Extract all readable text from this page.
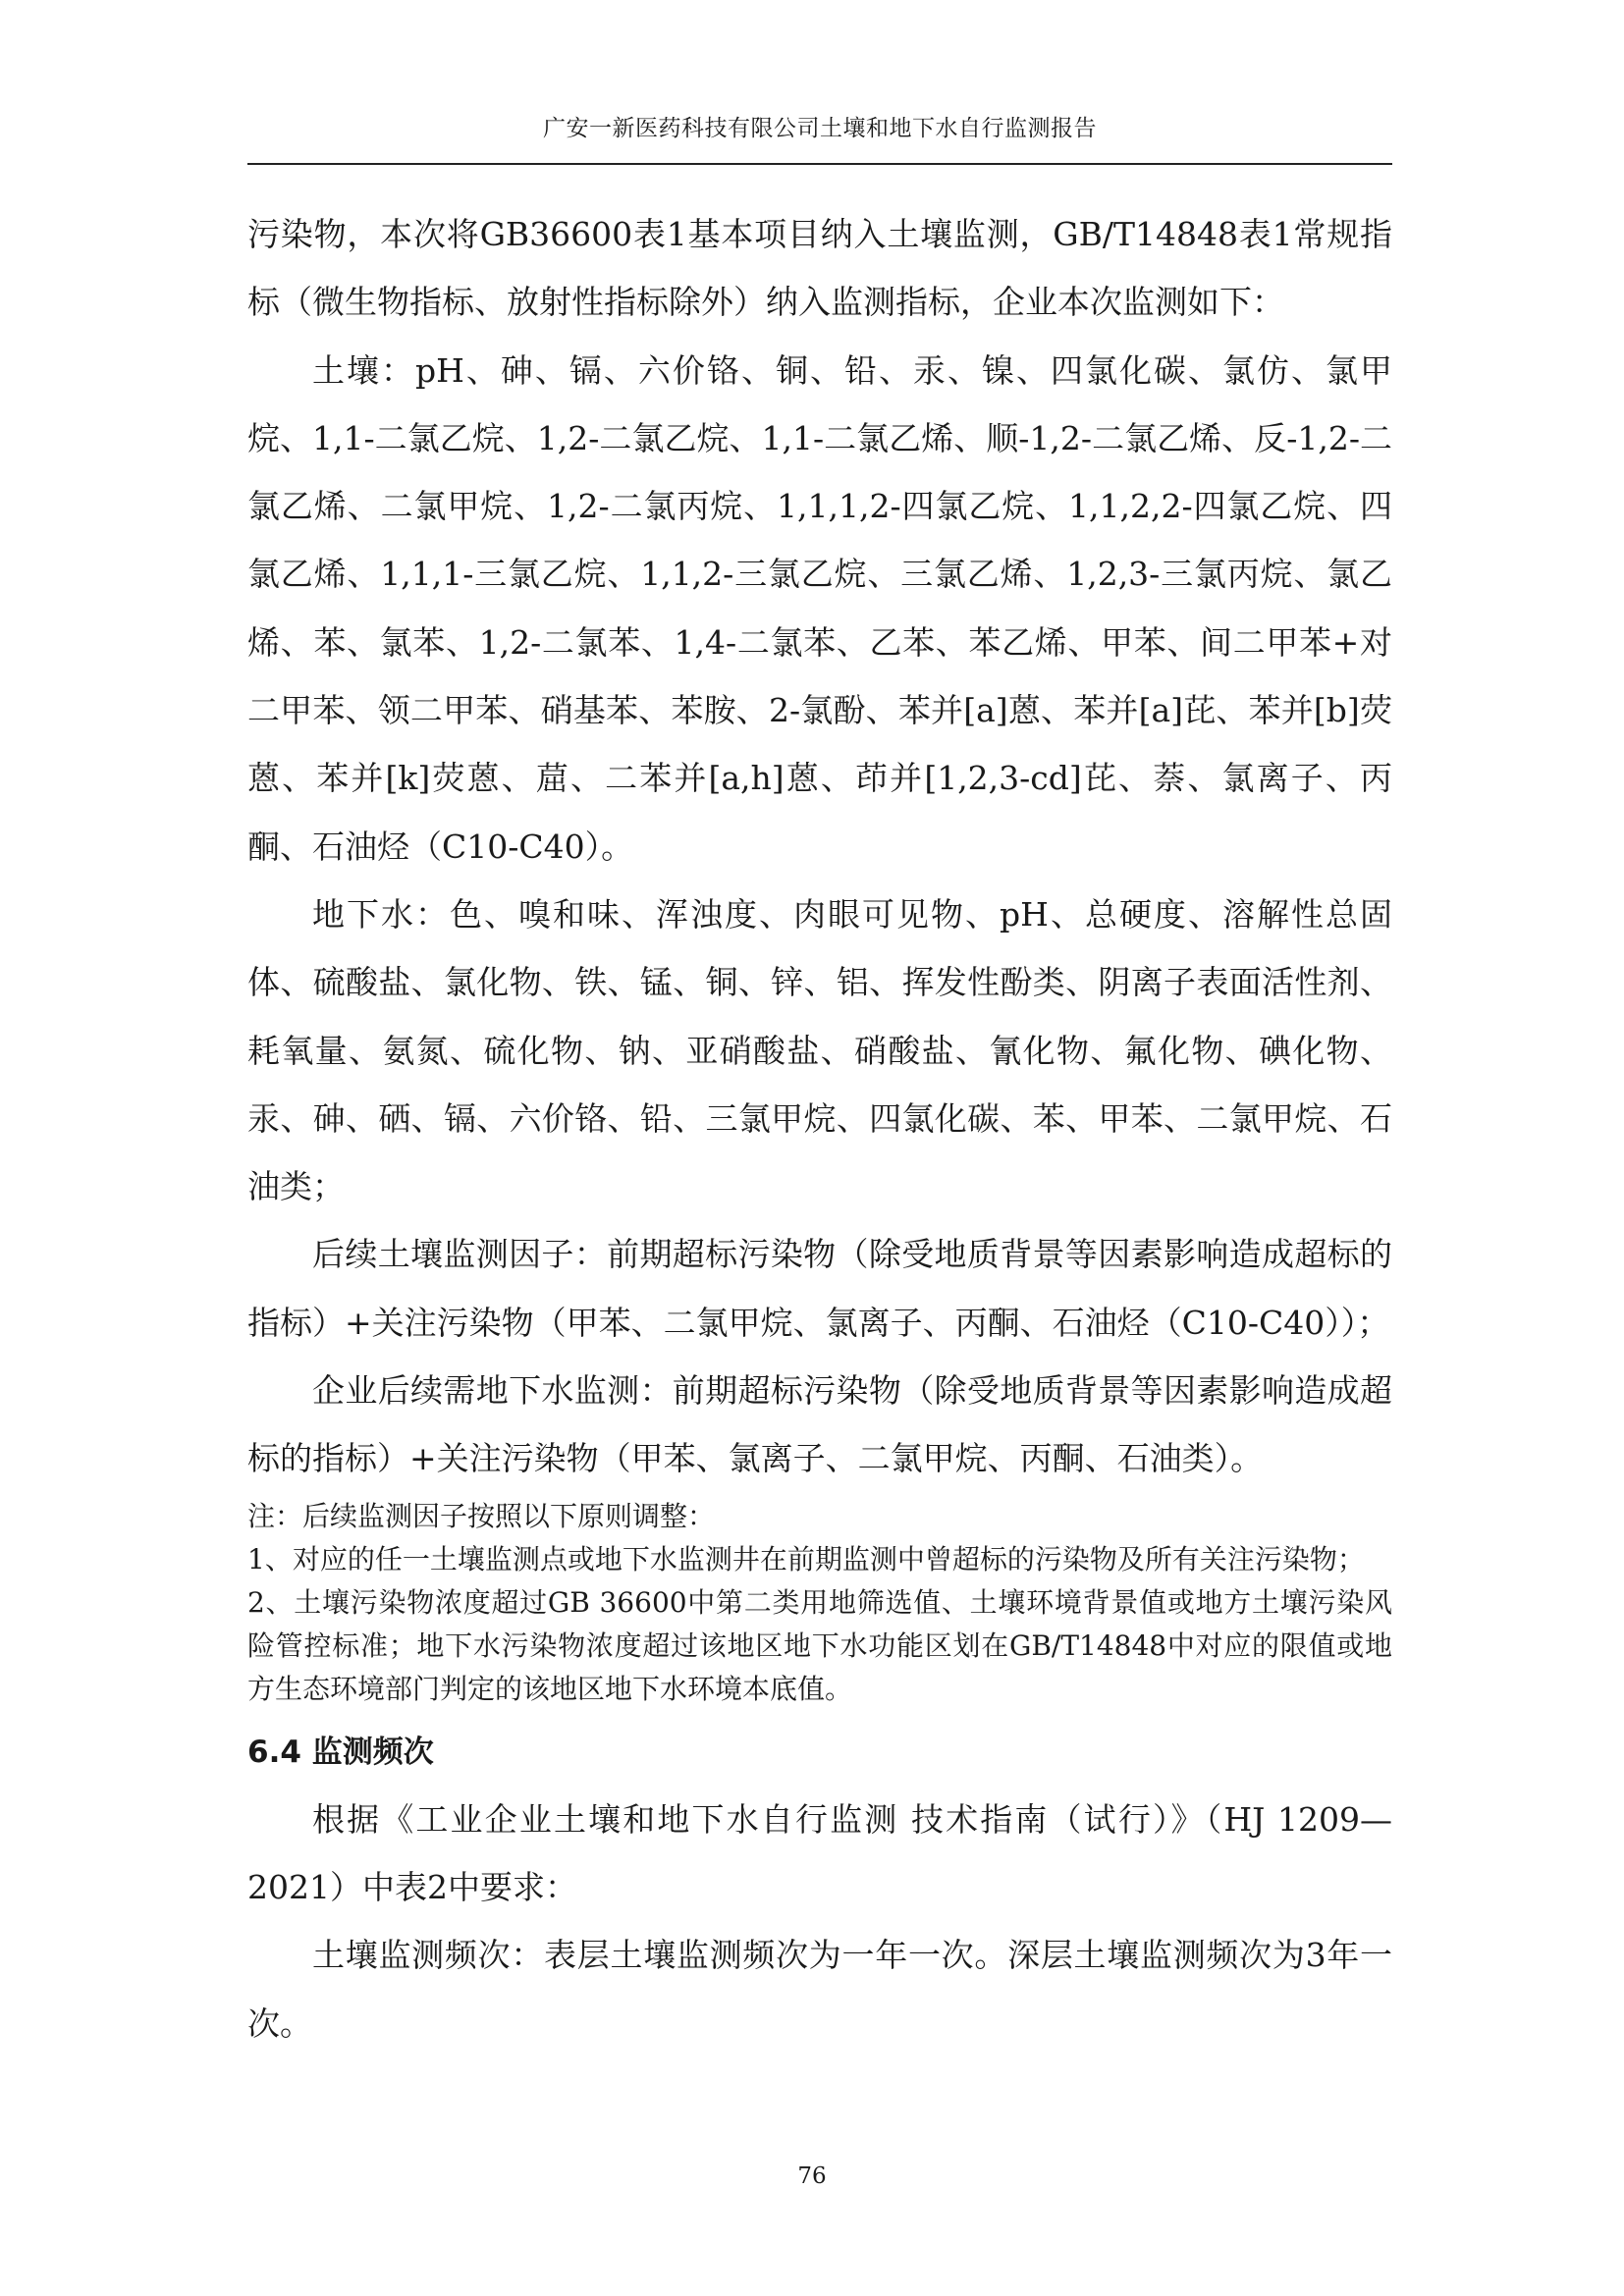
广安一新医药科技有限公司土壤和地下水自行监测报告

污染物，本次将GB36600表1基本项目纳入土壤监测，GB/T14848表1常规指标（微生物指标、放射性指标除外）纳入监测指标，企业本次监测如下：

土壤：pH、砷、镉、六价铬、铜、铅、汞、镍、四氯化碳、氯仿、氯甲烷、1,1-二氯乙烷、1,2-二氯乙烷、1,1-二氯乙烯、顺-1,2-二氯乙烯、反-1,2-二氯乙烯、二氯甲烷、1,2-二氯丙烷、1,1,1,2-四氯乙烷、1,1,2,2-四氯乙烷、四氯乙烯、1,1,1-三氯乙烷、1,1,2-三氯乙烷、三氯乙烯、1,2,3-三氯丙烷、氯乙烯、苯、氯苯、1,2-二氯苯、1,4-二氯苯、乙苯、苯乙烯、甲苯、间二甲苯+对二甲苯、领二甲苯、硝基苯、苯胺、2-氯酚、苯并[a]蒽、苯并[a]芘、苯并[b]荧蒽、苯并[k]荧蒽、䓛、二苯并[a,h]蒽、茚并[1,2,3-cd]芘、萘、氯离子、丙酮、石油烃（C10-C40）。

地下水：色、嗅和味、浑浊度、肉眼可见物、pH、总硬度、溶解性总固体、硫酸盐、氯化物、铁、锰、铜、锌、铝、挥发性酚类、阴离子表面活性剂、耗氧量、氨氮、硫化物、钠、亚硝酸盐、硝酸盐、氰化物、氟化物、碘化物、汞、砷、硒、镉、六价铬、铅、三氯甲烷、四氯化碳、苯、甲苯、二氯甲烷、石油类；

后续土壤监测因子：前期超标污染物（除受地质背景等因素影响造成超标的指标）+关注污染物（甲苯、二氯甲烷、氯离子、丙酮、石油烃（C10-C40））；

企业后续需地下水监测：前期超标污染物（除受地质背景等因素影响造成超标的指标）+关注污染物（甲苯、氯离子、二氯甲烷、丙酮、石油类）。

注：后续监测因子按照以下原则调整：

1、对应的任一土壤监测点或地下水监测井在前期监测中曾超标的污染物及所有关注污染物；

2、土壤污染物浓度超过GB 36600中第二类用地筛选值、土壤环境背景值或地方土壤污染风险管控标准；地下水污染物浓度超过该地区地下水功能区划在GB/T14848中对应的限值或地方生态环境部门判定的该地区地下水环境本底值。

6.4 监测频次

根据《工业企业土壤和地下水自行监测 技术指南（试行）》（HJ 1209—2021）中表2中要求：

土壤监测频次：表层土壤监测频次为一年一次。深层土壤监测频次为3年一次。

76
